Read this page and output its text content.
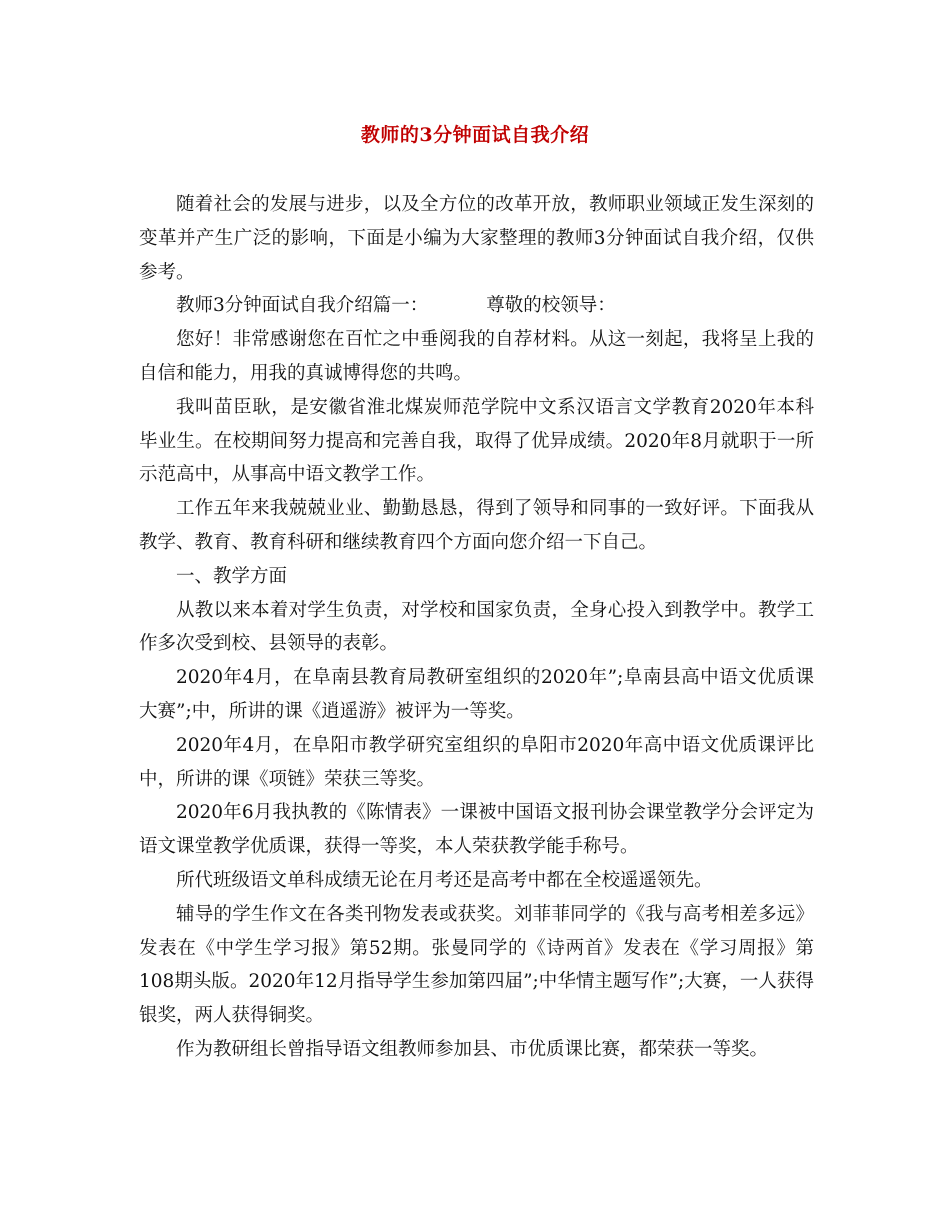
教师的3分钟面试自我介绍

随着社会的发展与进步，以及全方位的改革开放，教师职业领域正发生深刻的变革并产生广泛的影响，下面是小编为大家整理的教师3分钟面试自我介绍，仅供参考。

教师3分钟面试自我介绍篇一：	尊敬的校领导：

您好！非常感谢您在百忙之中垂阅我的自荐材料。从这一刻起，我将呈上我的自信和能力，用我的真诚博得您的共鸣。

我叫苗臣耿，是安徽省淮北煤炭师范学院中文系汉语言文学教育2020年本科毕业生。在校期间努力提高和完善自我，取得了优异成绩。2020年8月就职于一所示范高中，从事高中语文教学工作。

工作五年来我兢兢业业、勤勤恳恳，得到了领导和同事的一致好评。下面我从教学、教育、教育科研和继续教育四个方面向您介绍一下自己。

一、教学方面

从教以来本着对学生负责，对学校和国家负责，全身心投入到教学中。教学工作多次受到校、县领导的表彰。

2020年4月，在阜南县教育局教研室组织的2020年”;阜南县高中语文优质课大赛”;中，所讲的课《逍遥游》被评为一等奖。

2020年4月，在阜阳市教学研究室组织的阜阳市2020年高中语文优质课评比中，所讲的课《项链》荣获三等奖。

2020年6月我执教的《陈情表》一课被中国语文报刊协会课堂教学分会评定为语文课堂教学优质课，获得一等奖，本人荣获教学能手称号。

所代班级语文单科成绩无论在月考还是高考中都在全校遥遥领先。

辅导的学生作文在各类刊物发表或获奖。刘菲菲同学的《我与高考相差多远》发表在《中学生学习报》第52期。张曼同学的《诗两首》发表在《学习周报》第108期头版。2020年12月指导学生参加第四届”;中华情主题写作”;大赛，一人获得银奖，两人获得铜奖。

作为教研组长曾指导语文组教师参加县、市优质课比赛，都荣获一等奖。
